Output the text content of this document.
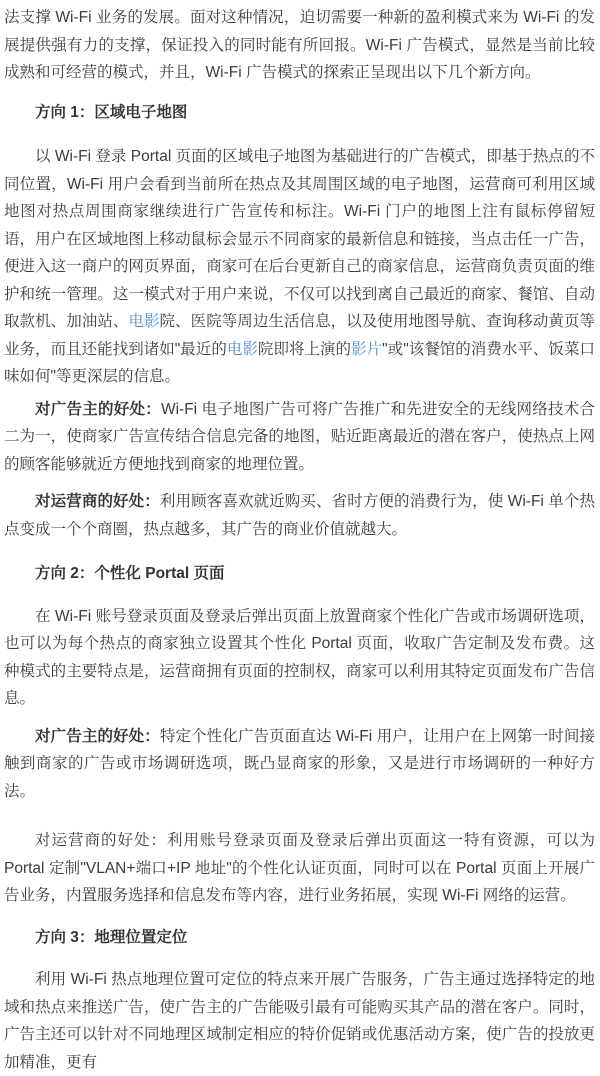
法支撑 Wi-Fi 业务的发展。面对这种情况，迫切需要一种新的盈利模式来为 Wi-Fi 的发展提供强有力的支撑，保证投入的同时能有所回报。Wi-Fi 广告模式，显然是当前比较成熟和可经营的模式，并且，Wi-Fi 广告模式的探索正呈现出以下几个新方向。

方向 1：区域电子地图

以 Wi-Fi 登录 Portal 页面的区域电子地图为基础进行的广告模式，即基于热点的不同位置，Wi-Fi 用户会看到当前所在热点及其周围区域的电子地图，运营商可利用区域地图对热点周围商家继续进行广告宣传和标注。Wi-Fi 门户的地图上注有鼠标停留短语，用户在区域地图上移动鼠标会显示不同商家的最新信息和链接，当点击任一广告，便进入这一商户的网页界面，商家可在后台更新自己的商家信息，运营商负责页面的维护和统一管理。这一模式对于用户来说，不仅可以找到离自己最近的商家、餐馆、自动取款机、加油站、电影院、医院等周边生活信息，以及使用地图导航、查询移动黄页等业务，而且还能找到诸如"最近的电影院即将上演的影片"或"该餐馆的消费水平、饭菜口味如何"等更深层的信息。

对广告主的好处：Wi-Fi 电子地图广告可将广告推广和先进安全的无线网络技术合二为一，使商家广告宣传结合信息完备的地图，贴近距离最近的潜在客户，使热点上网的顾客能够就近方便地找到商家的地理位置。

对运营商的好处：利用顾客喜欢就近购买、省时方便的消费行为，使 Wi-Fi 单个热点变成一个个商圈，热点越多，其广告的商业价值就越大。

方向 2：个性化 Portal 页面

在 Wi-Fi 账号登录页面及登录后弹出页面上放置商家个性化广告或市场调研选项，也可以为每个热点的商家独立设置其个性化 Portal 页面，收取广告定制及发布费。这种模式的主要特点是，运营商拥有页面的控制权，商家可以利用其特定页面发布广告信息。

对广告主的好处：特定个性化广告页面直达 Wi-Fi 用户，让用户在上网第一时间接触到商家的广告或市场调研选项，既凸显商家的形象，又是进行市场调研的一种好方法。

对运营商的好处：利用账号登录页面及登录后弹出页面这一特有资源，可以为 Portal 定制"VLAN+端口+IP 地址"的个性化认证页面，同时可以在 Portal 页面上开展广告业务，内置服务选择和信息发布等内容，进行业务拓展，实现 Wi-Fi 网络的运营。

方向 3：地理位置定位

利用 Wi-Fi 热点地理位置可定位的特点来开展广告服务，广告主通过选择特定的地域和热点来推送广告，使广告主的广告能吸引最有可能购买其产品的潜在客户。同时，广告主还可以针对不同地理区域制定相应的特价促销或优惠活动方案，使广告的投放更加精准，更有
